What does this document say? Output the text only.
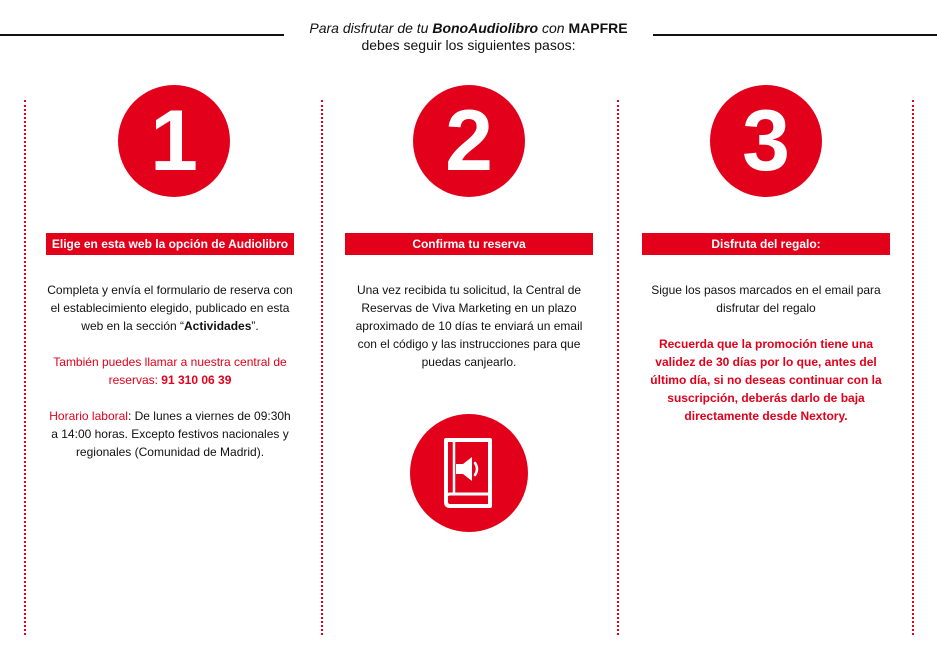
Para disfrutar de tu BonoAudiolibro con MAPFRE
debes seguir los siguientes pasos:
1
Elige en esta web la opción de Audiolibro

Completa y envía el formulario de reserva con el establecimiento elegido, publicado en esta web en la sección “Actividades”.

También puedes llamar a nuestra central de reservas: 91 310 06 39

Horario laboral: De lunes a viernes de 09:30h a 14:00 horas. Excepto festivos nacionales y regionales (Comunidad de Madrid).

2
Confirma tu reserva

Una vez recibida tu solicitud, la Central de Reservas de Viva Marketing en un plazo aproximado de 10 días te enviará un email con el código y las instrucciones para que puedas canjearlo.

3
Disfruta del regalo:

Sigue los pasos marcados en el email para disfrutar del regalo

Recuerda que la promoción tiene una validez de 30 días por lo que, antes del último día, si no deseas continuar con la suscripción, deberás darlo de baja directamente desde Nextory.
